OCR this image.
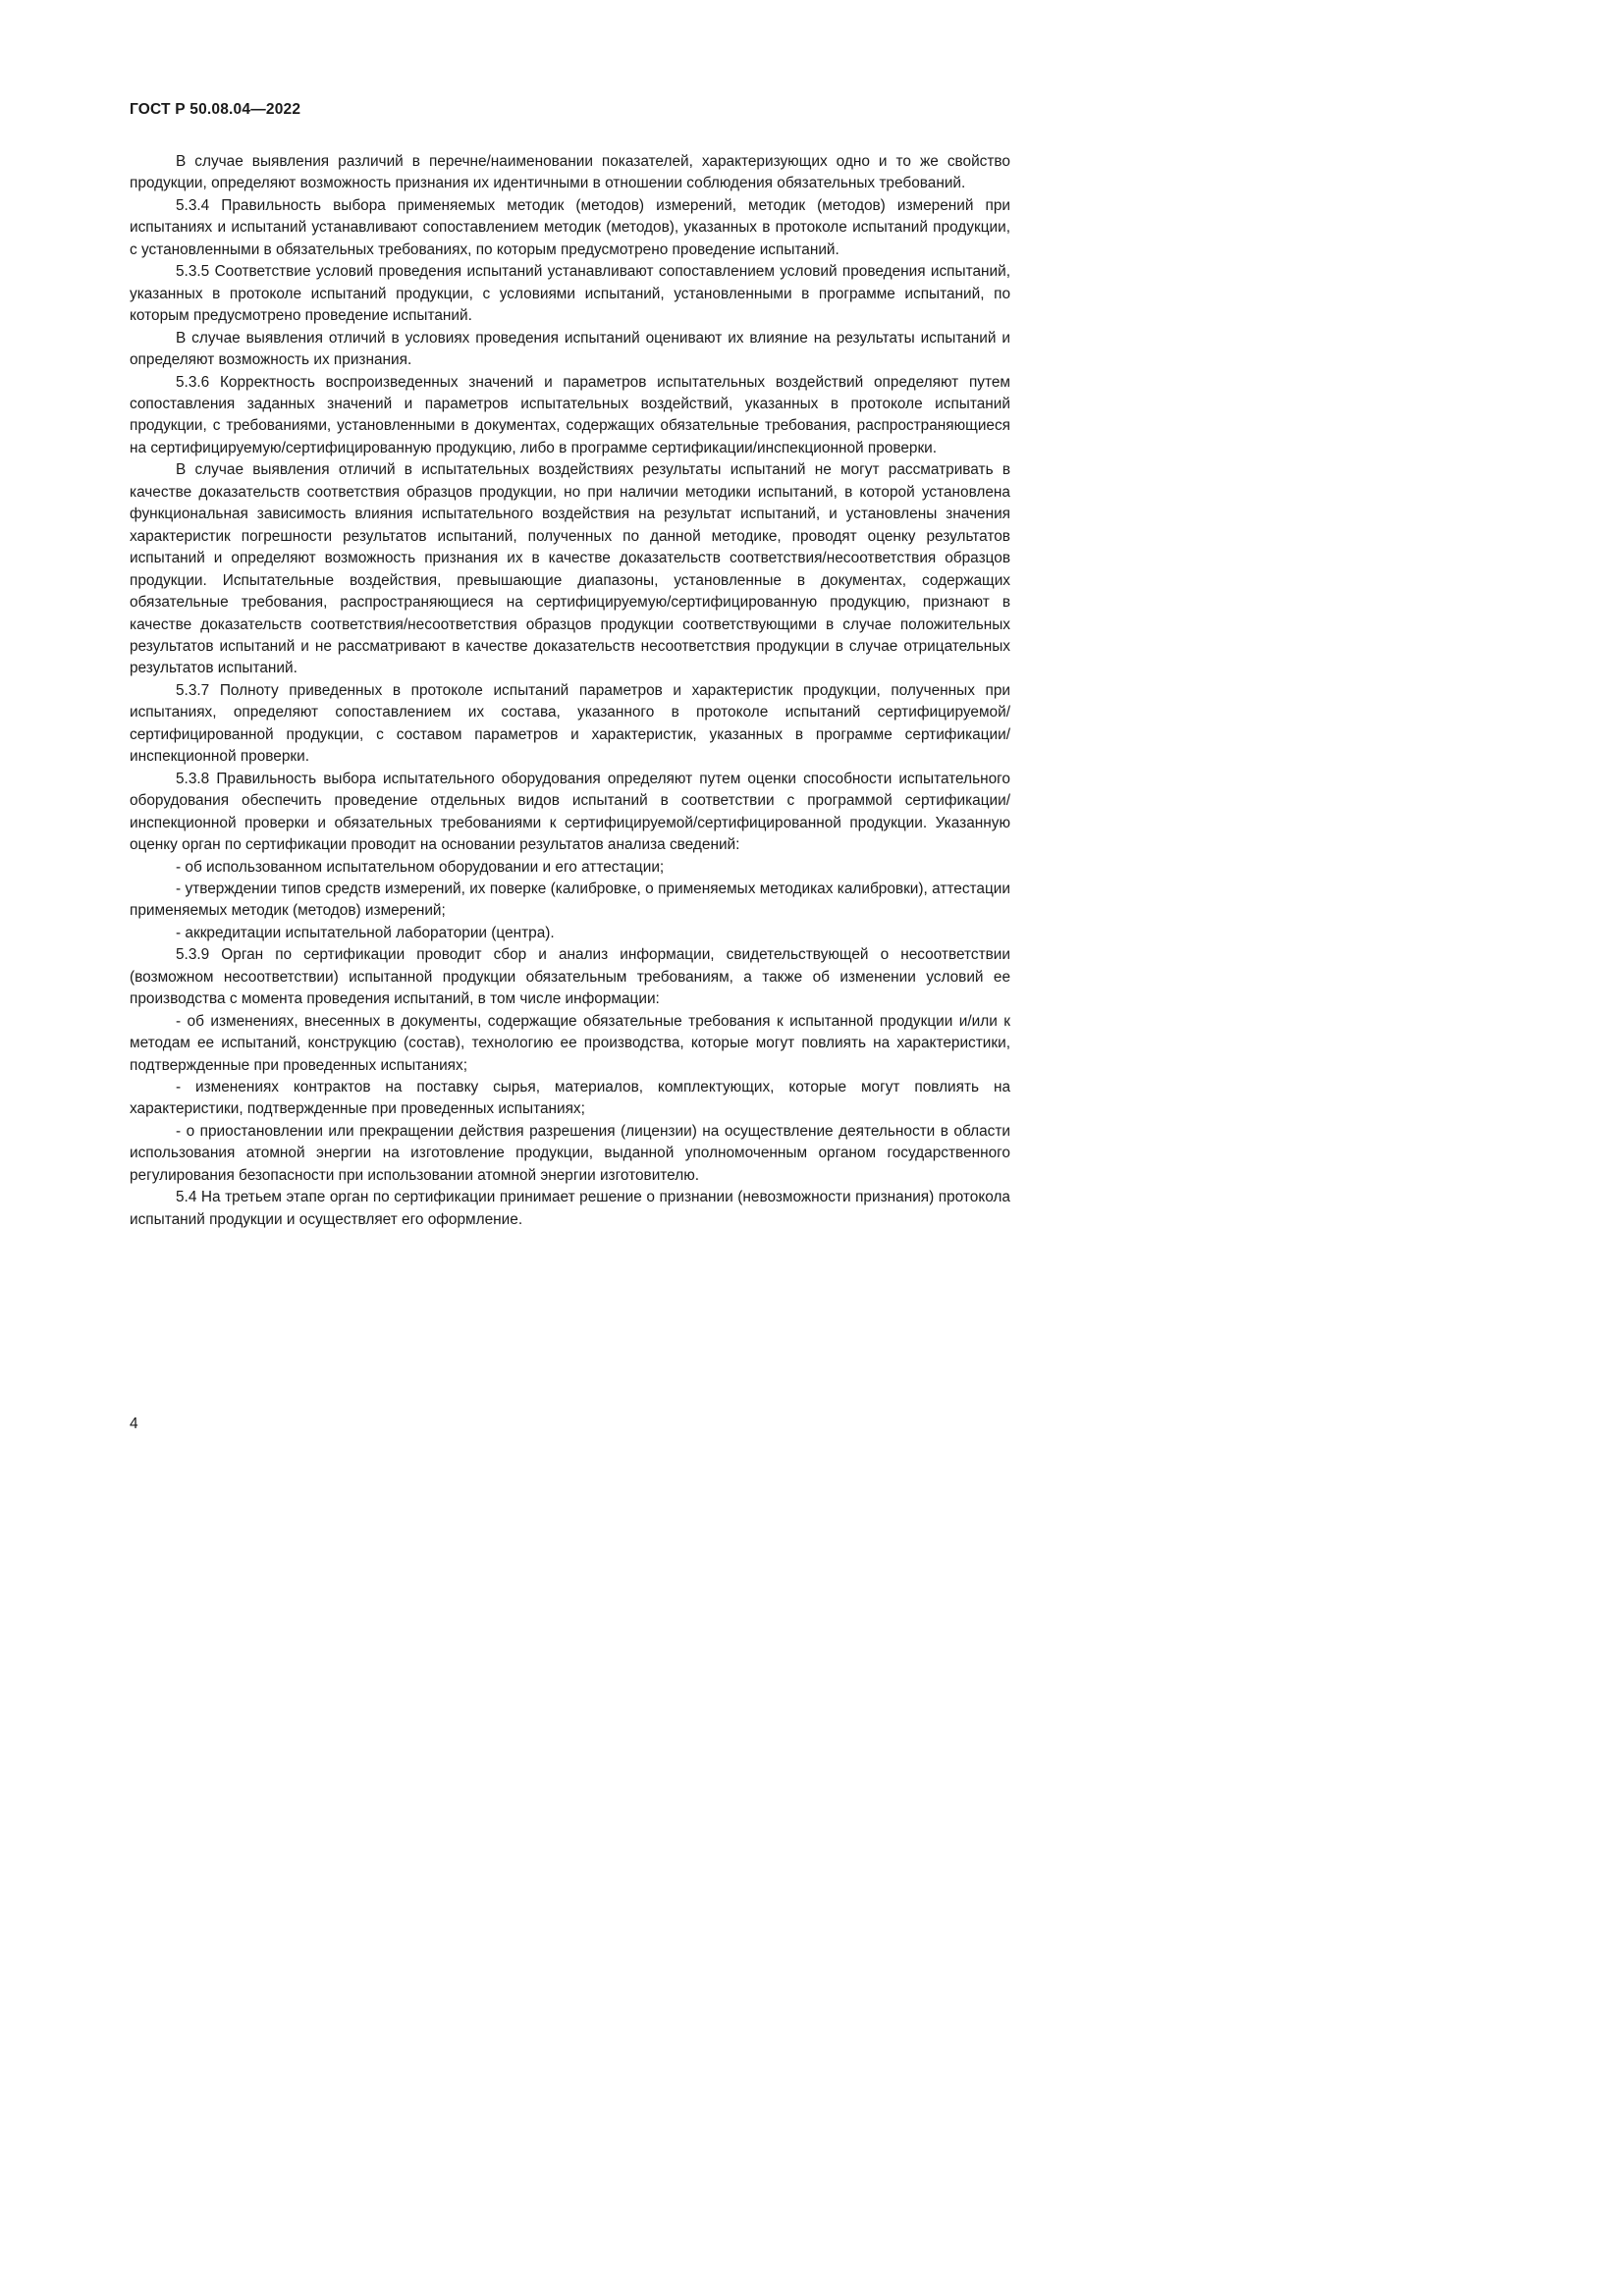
ГОСТ Р 50.08.04—2022

В случае выявления различий в перечне/наименовании показателей, характеризующих одно и то же свойство продукции, определяют возможность признания их идентичными в отношении соблюдения обязательных требований.

5.3.4 Правильность выбора применяемых методик (методов) измерений, методик (методов) измерений при испытаниях и испытаний устанавливают сопоставлением методик (методов), указанных в протоколе испытаний продукции, с установленными в обязательных требованиях, по которым предусмотрено проведение испытаний.

5.3.5 Соответствие условий проведения испытаний устанавливают сопоставлением условий проведения испытаний, указанных в протоколе испытаний продукции, с условиями испытаний, установленными в программе испытаний, по которым предусмотрено проведение испытаний.

В случае выявления отличий в условиях проведения испытаний оценивают их влияние на результаты испытаний и определяют возможность их признания.

5.3.6 Корректность воспроизведенных значений и параметров испытательных воздействий определяют путем сопоставления заданных значений и параметров испытательных воздействий, указанных в протоколе испытаний продукции, с требованиями, установленными в документах, содержащих обязательные требования, распространяющиеся на сертифицируемую/сертифицированную продукцию, либо в программе сертификации/инспекционной проверки.

В случае выявления отличий в испытательных воздействиях результаты испытаний не могут рассматривать в качестве доказательств соответствия образцов продукции, но при наличии методики испытаний, в которой установлена функциональная зависимость влияния испытательного воздействия на результат испытаний, и установлены значения характеристик погрешности результатов испытаний, полученных по данной методике, проводят оценку результатов испытаний и определяют возможность признания их в качестве доказательств соответствия/несоответствия образцов продукции. Испытательные воздействия, превышающие диапазоны, установленные в документах, содержащих обязательные требования, распространяющиеся на сертифицируемую/сертифицированную продукцию, признают в качестве доказательств соответствия/несоответствия образцов продукции соответствующими в случае положительных результатов испытаний и не рассматривают в качестве доказательств несоответствия продукции в случае отрицательных результатов испытаний.

5.3.7 Полноту приведенных в протоколе испытаний параметров и характеристик продукции, полученных при испытаниях, определяют сопоставлением их состава, указанного в протоколе испытаний сертифицируемой/сертифицированной продукции, с составом параметров и характеристик, указанных в программе сертификации/инспекционной проверки.

5.3.8 Правильность выбора испытательного оборудования определяют путем оценки способности испытательного оборудования обеспечить проведение отдельных видов испытаний в соответствии с программой сертификации/инспекционной проверки и обязательных требованиями к сертифицируемой/сертифицированной продукции. Указанную оценку орган по сертификации проводит на основании результатов анализа сведений:

- об использованном испытательном оборудовании и его аттестации;

- утверждении типов средств измерений, их поверке (калибровке, о применяемых методиках калибровки), аттестации применяемых методик (методов) измерений;

- аккредитации испытательной лаборатории (центра).

5.3.9 Орган по сертификации проводит сбор и анализ информации, свидетельствующей о несоответствии (возможном несоответствии) испытанной продукции обязательным требованиям, а также об изменении условий ее производства с момента проведения испытаний, в том числе информации:

- об изменениях, внесенных в документы, содержащие обязательные требования к испытанной продукции и/или к методам ее испытаний, конструкцию (состав), технологию ее производства, которые могут повлиять на характеристики, подтвержденные при проведенных испытаниях;

- изменениях контрактов на поставку сырья, материалов, комплектующих, которые могут повлиять на характеристики, подтвержденные при проведенных испытаниях;

- о приостановлении или прекращении действия разрешения (лицензии) на осуществление деятельности в области использования атомной энергии на изготовление продукции, выданной уполномоченным органом государственного регулирования безопасности при использовании атомной энергии изготовителю.

5.4 На третьем этапе орган по сертификации принимает решение о признании (невозможности признания) протокола испытаний продукции и осуществляет его оформление.

4
